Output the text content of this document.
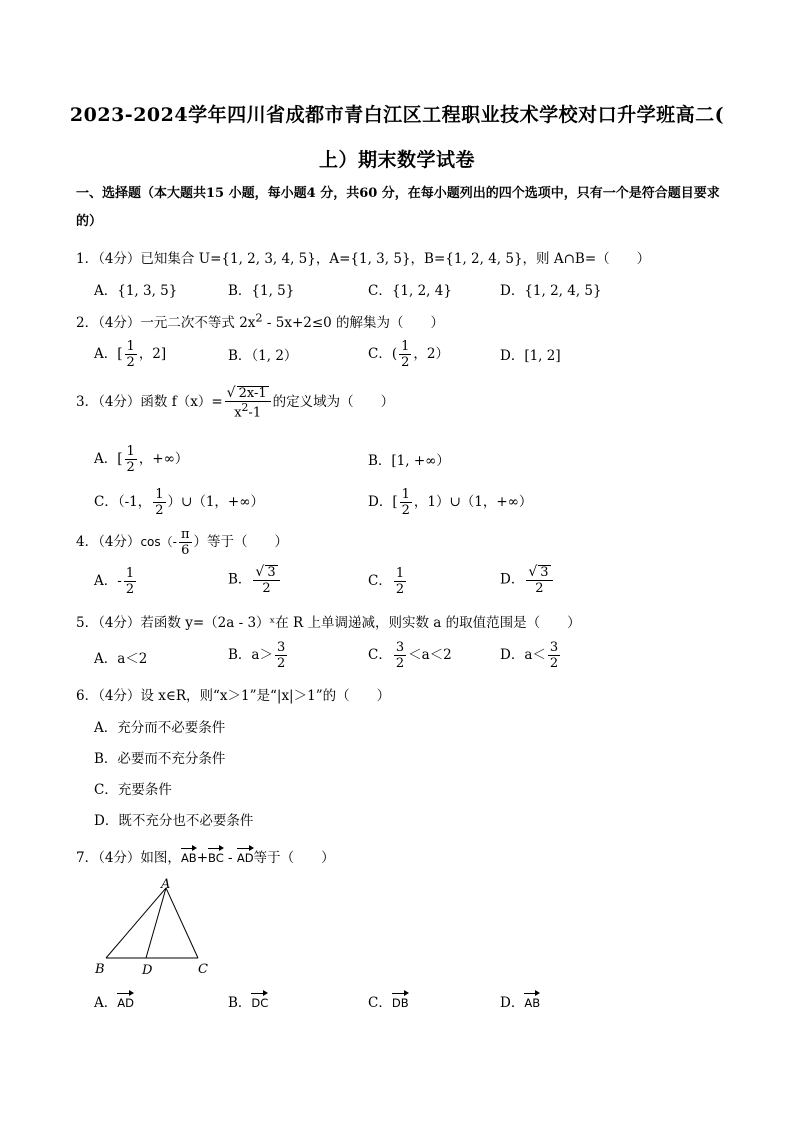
2023-2024学年四川省成都市青白江区工程职业技术学校对口升学班高二(
上）期末数学试卷
一、选择题（本大题共15 小题，每小题4 分，共60 分，在每小题列出的四个选项中，只有一个是符合题目要求的）
1．（4分）已知集合 U={1, 2, 3, 4, 5}，A={1, 3, 5}，B={1, 2, 4, 5}，则 A∩B=（　　）
A．{1, 3, 5}	B．{1, 5}	C．{1, 2, 4}	D．{1, 2, 4, 5}
2．（4分）一元二次不等式 $2x^2 - 5x+2\le 0$ 的解集为（　　）
A．[ $\frac{1}{2}$ ，2]	B．（1, 2）	C．( $\frac{1}{2}$ ，2）	D．[1, 2]
3．（4分）函数 $f(x)= \frac{√ 2x-1}{x^2-1}$ 的定义域为（　　）
A．[ $\frac{1}{2}$ ，+∞）	B．[1, +∞）
C．（-1， $\frac{1}{2}$ ）∪（1，+∞）	D．[ $\frac{1}{2}$ ，1）∪（1，+∞）
4．（4分）$\cos(- \frac{\pi}{6}$ ）等于（　　）
A．- $\frac{1}{2}$	B． $\frac{√ 3}{2}$	C． $\frac{1}{2}$	D． $\frac{√ 3}{2}$
5．（4分）若函数 y=（2a - 3）ˣ在 R 上单调递减，则实数 a 的取值范围是（　　）
A．a＜2	B．$a> \frac{3}{2}$	C． $\frac{3}{2} <a<2$	D．$a< \frac{3}{2}$
6．（4分）设 x∈R，则“x＞1”是“|x|＞1”的（　　）
A．充分而不必要条件
B．必要而不充分条件
C．充要条件
D．既不充分也不必要条件
7．（4分）如图，AB+BC - AD等于（　　）
A
B	D	C
A．AD	B．DC	C．DB	D．AB
